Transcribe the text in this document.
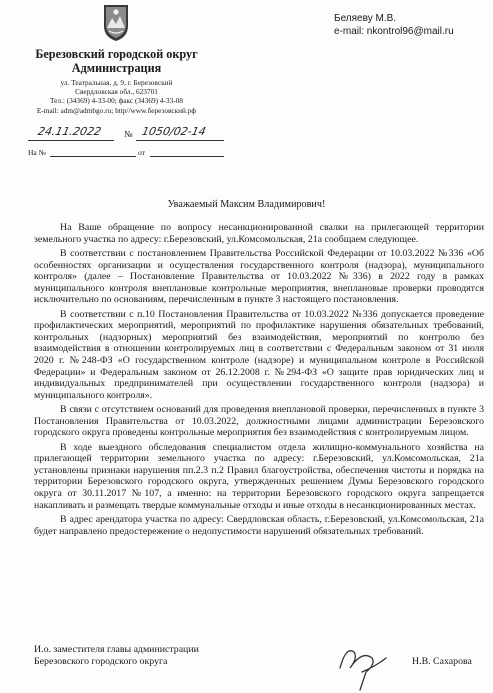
Березовский городской округ
Администрация
ул. Театральная, д. 9, г. Березовский
Свердловская обл., 623701
Тел.: (34369) 4-33-00; факс (34369) 4-33-08
E-mail: adm@admbgo.ru; http//www.березовский.рф
24.11.2022 № 1050/02-14
На №	от
Беляеву М.В.
e-mail: nkontrol96@mail.ru
Уважаемый Максим Владимирович!

На Ваше обращение по вопросу несанкционированной свалки на прилегающей территории земельного участка по адресу: г.Березовский, ул.Комсомольская, 21а сообщаем следующее.

В соответствии с постановлением Правительства Российской Федерации от 10.03.2022 №336 «Об особенностях организации и осуществления государственного контроля (надзора), муниципального контроля» (далее – Постановление Правительства от 10.03.2022 №336) в 2022 году в рамках муниципального контроля внеплановые контрольные мероприятия, внеплановые проверки проводятся исключительно по основаниям, перечисленным в пункте 3 настоящего постановления.

В соответствии с п.10 Постановления Правительства от 10.03.2022 №336 допускается проведение профилактических мероприятий, мероприятий по профилактике нарушения обязательных требований, контрольных (надзорных) мероприятий без взаимодействия, мероприятий по контролю без взаимодействия в отношении контролируемых лиц в соответствии с Федеральным законом от 31 июля 2020 г. №248-ФЗ «О государственном контроле (надзоре) и муниципальном контроле в Российской Федерации» и Федеральным законом от 26.12.2008 г. №294-ФЗ «О защите прав юридических лиц и индивидуальных предпринимателей при осуществлении государственного контроля (надзора) и муниципального контроля».

В связи с отсутствием оснований для проведения внеплановой проверки, перечисленных в пункте 3 Постановления Правительства от 10.03.2022, должностными лицами администрации Березовского городского округа проведены контрольные мероприятия без взаимодействия с контролируемым лицом.

В ходе выездного обследования специалистом отдела жилищно-коммунального хозяйства на прилегающей территории земельного участка по адресу: г.Березовский, ул.Комсомольская, 21а установлены признаки нарушения пп.2.3 п.2 Правил благоустройства, обеспечения чистоты и порядка на территории Березовского городского округа, утвержденных решением Думы Березовского городского округа от 30.11.2017 №107, а именно: на территории Березовского городского округа запрещается накапливать и размещать твердые коммунальные отходы и иные отходы в несанкционированных местах.

В адрес арендатора участка по адресу: Свердловская область, г.Березовский, ул.Комсомольская, 21а будет направлено предостережение о недопустимости нарушений обязательных требований.

И.о. заместителя главы администрации
Березовского городского округа	Н.В. Сахарова
